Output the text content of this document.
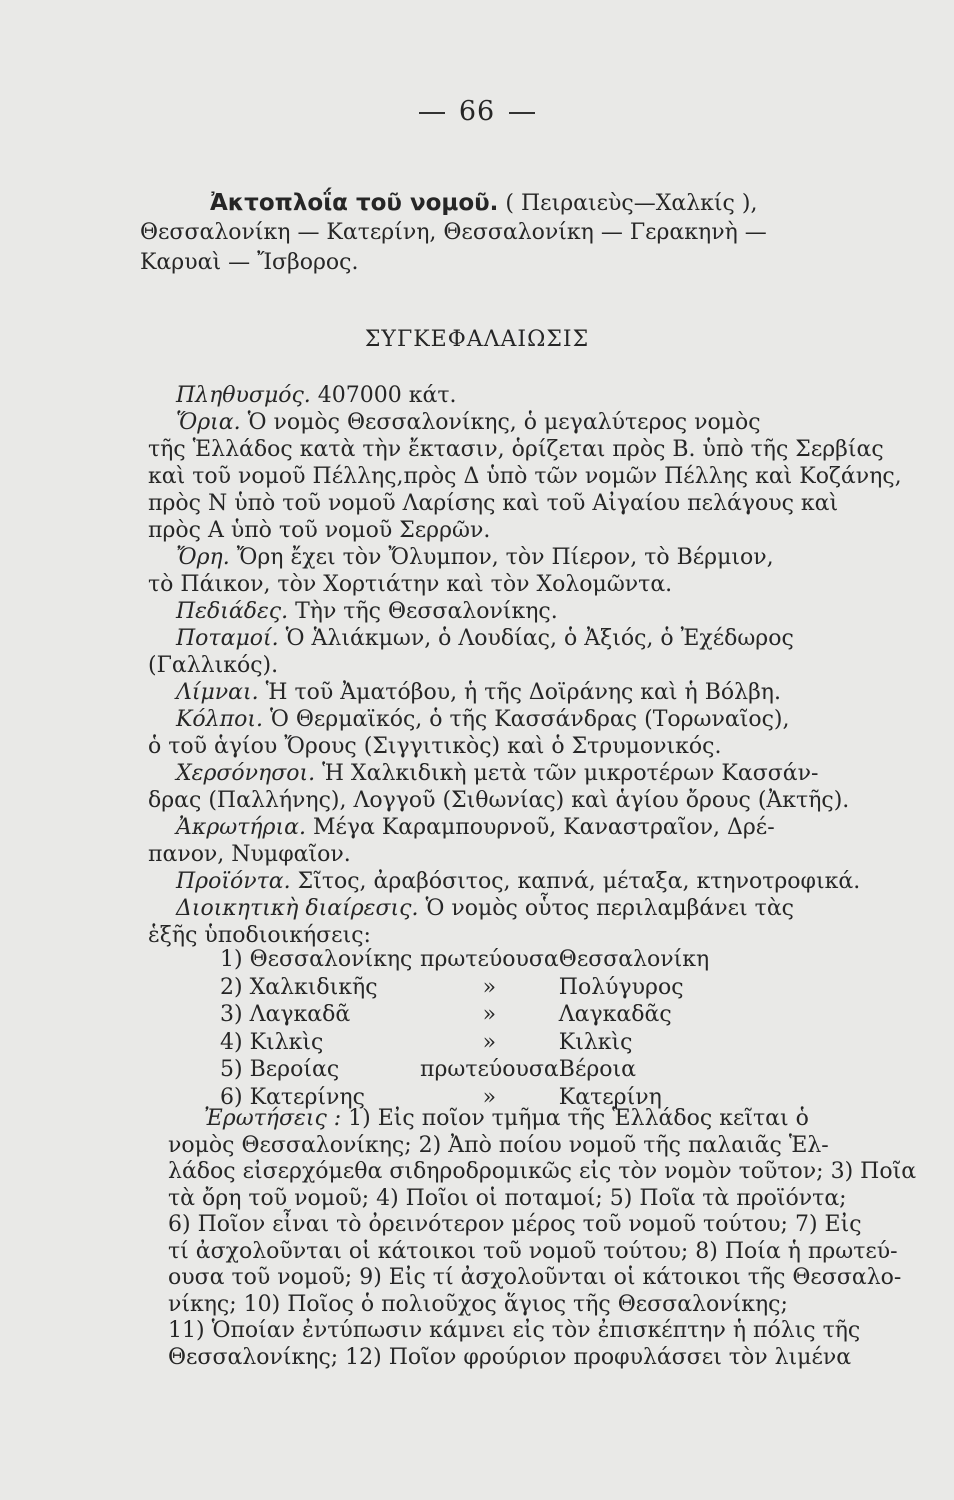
66
Ἀκτοπλοΐα τοῦ νομοῦ. ( Πειραιεὺς—Χαλκίς ),
Θεσσαλονίκη — Κατερίνη, Θεσσαλονίκη — Γερακηνὴ —
Καρυαὶ — Ἴσβορος.
ΣΥΓΚΕΦΑΛΑΙΩΣΙΣ
Πληθυσμός. 407000 κάτ.
Ὅρια. Ὁ νομὸς Θεσσαλονίκης, ὁ μεγαλύτερος νομὸς
τῆς Ἑλλάδος κατὰ τὴν ἔκτασιν, ὁρίζεται πρὸς Β. ὑπὸ τῆς Σερβίας
καὶ τοῦ νομοῦ Πέλλης,πρὸς Δ ὑπὸ τῶν νομῶν Πέλλης καὶ Κοζάνης,
πρὸς Ν ὑπὸ τοῦ νομοῦ Λαρίσης καὶ τοῦ Αἰγαίου πελάγους καὶ
πρὸς Α ὑπὸ τοῦ νομοῦ Σερρῶν.
Ὄρη. Ὄρη ἔχει τὸν Ὄλυμπον, τὸν Πίερον, τὸ Βέρμιον,
τὸ Πάικον, τὸν Χορτιάτην καὶ τὸν Χολομῶντα.
Πεδιάδες. Τὴν τῆς Θεσσαλονίκης.
Ποταμοί. Ὁ Ἁλιάκμων, ὁ Λουδίας, ὁ Ἀξιός, ὁ Ἐχέδωρος
(Γαλλικός).
Λίμναι. Ἡ τοῦ Ἀματόβου, ἡ τῆς Δοϊράνης καὶ ἡ Βόλβη.
Κόλποι. Ὁ Θερμαϊκός, ὁ τῆς Κασσάνδρας (Τορωναῖος),
ὁ τοῦ ἁγίου Ὄρους (Σιγγιτικὸς) καὶ ὁ Στρυμονικός.
Χερσόνησοι. Ἡ Χαλκιδικὴ μετὰ τῶν μικροτέρων Κασσάν-
δρας (Παλλήνης), Λογγοῦ (Σιθωνίας) καὶ ἁγίου ὄρους (Ἀκτῆς).
Ἀκρωτήρια. Μέγα Καραμπουρνοῦ, Καναστραῖον, Δρέ-
πανον, Νυμφαῖον.
Προϊόντα. Σῖτος, ἀραβόσιτος, καπνά, μέταξα, κτηνοτροφικά.
Διοικητικὴ διαίρεσις. Ὁ νομὸς οὗτος περιλαμβάνει τὰς
ἑξῆς ὑποδιοικήσεις:
1) Θεσσαλονίκης	πρωτεύουσα	Θεσσαλονίκη
2) Χαλκιδικῆς	»	Πολύγυρος
3) Λαγκαδᾶ	»	Λαγκαδᾶς
4) Κιλκὶς	»	Κιλκὶς
5) Βεροίας	πρωτεύουσα	Βέροια
6) Κατερίνης	»	Κατερίνη
Ἐρωτήσεις : 1) Εἰς ποῖον τμῆμα τῆς Ἑλλάδος κεῖται ὁ
νομὸς Θεσσαλονίκης; 2) Ἀπὸ ποίου νομοῦ τῆς παλαιᾶς Ἑλ-
λάδος εἰσερχόμεθα σιδηροδρομικῶς εἰς τὸν νομὸν τοῦτον; 3) Ποῖα
τὰ ὄρη τοῦ νομοῦ; 4) Ποῖοι οἱ ποταμοί; 5) Ποῖα τὰ προϊόντα;
6) Ποῖον εἶναι τὸ ὀρεινότερον μέρος τοῦ νομοῦ τούτου; 7) Εἰς
τί ἀσχολοῦνται οἱ κάτοικοι τοῦ νομοῦ τούτου; 8) Ποία ἡ πρωτεύ-
ουσα τοῦ νομοῦ; 9) Εἰς τί ἀσχολοῦνται οἱ κάτοικοι τῆς Θεσσαλο-
νίκης; 10) Ποῖος ὁ πολιοῦχος ἅγιος τῆς Θεσσαλονίκης;
11) Ὁποίαν ἐντύπωσιν κάμνει εἰς τὸν ἐπισκέπτην ἡ πόλις τῆς
Θεσσαλονίκης; 12) Ποῖον φρούριον προφυλάσσει τὸν λιμένα
